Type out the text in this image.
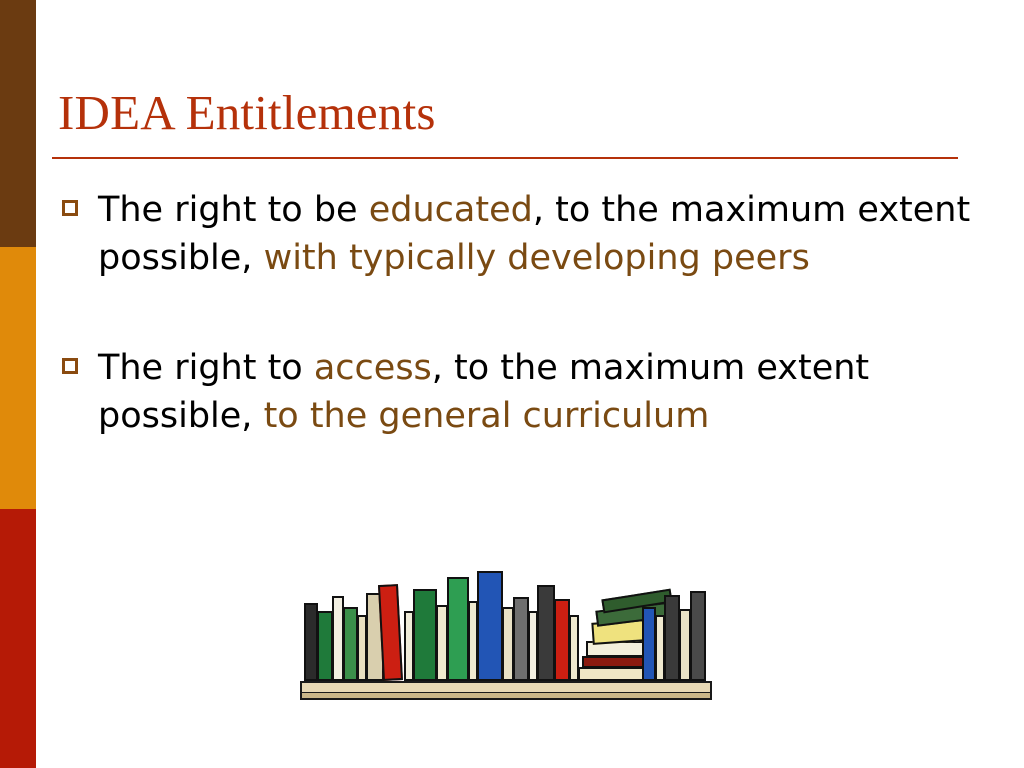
IDEA Entitlements
The right to be educated, to the maximum extent possible, with typically developing peers
The right to access, to the maximum extent possible, to the general curriculum
